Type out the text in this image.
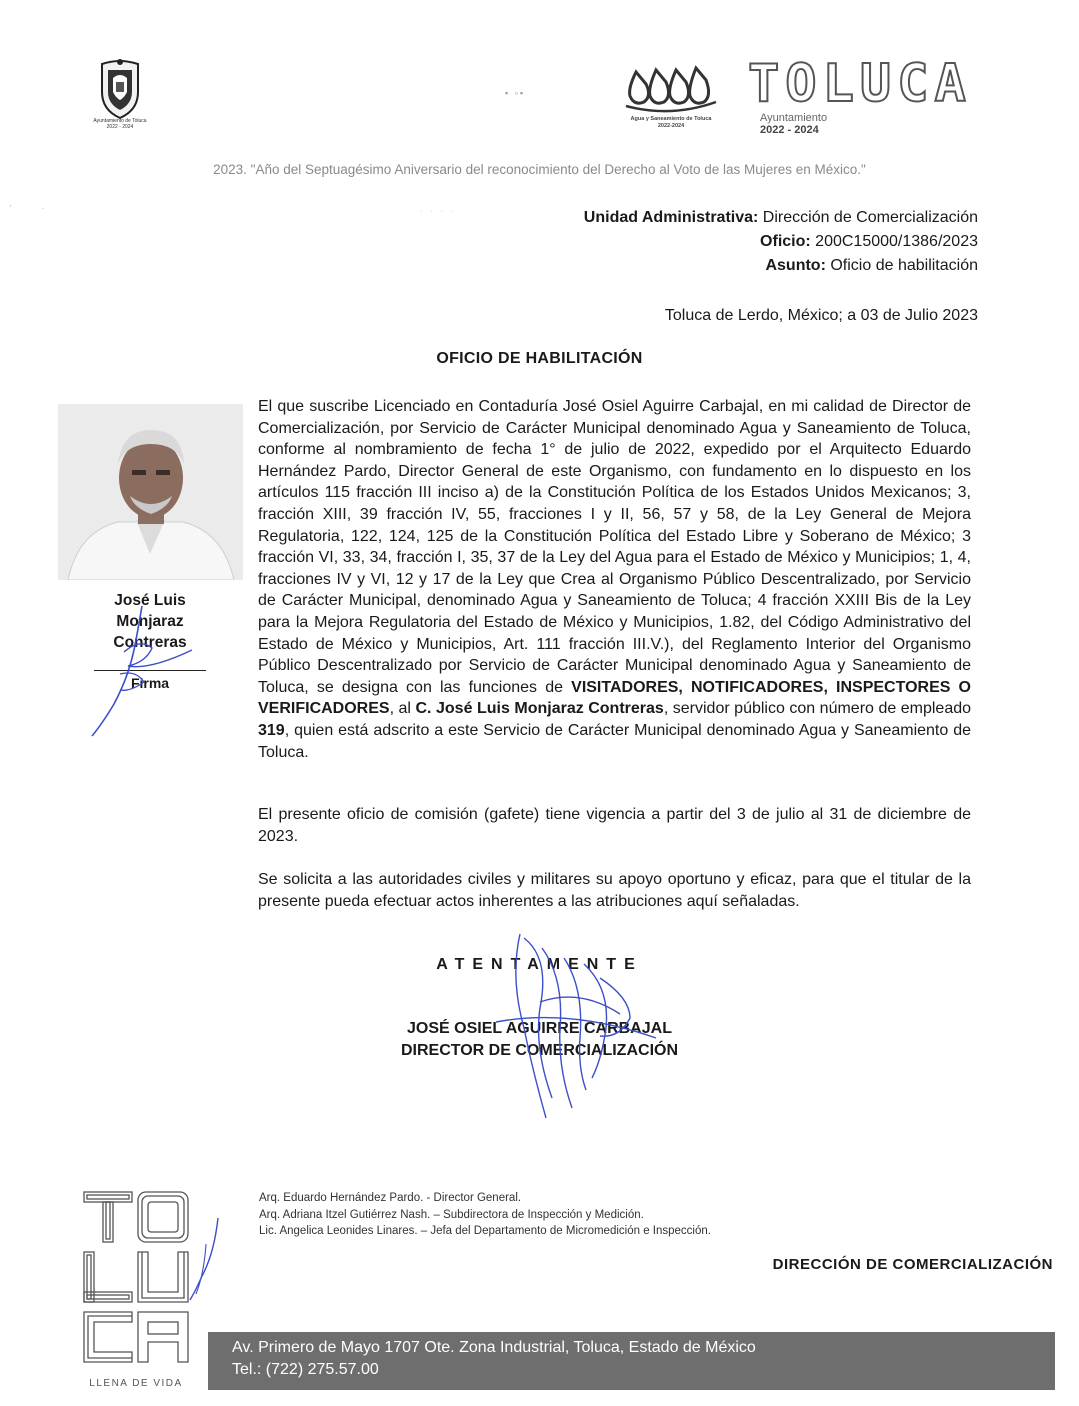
Ayuntamiento de Toluca
2022 - 2024
▪ ▫▪
Agua y Saneamiento de Toluca
2022-2024
TOLUCA
Ayuntamiento
2022 - 2024
2023. "Año del Septuagésimo Aniversario del reconocimiento del Derecho al Voto de las Mujeres en México."
' ·	· · · ·	Unidad Administrativa: Dirección de Comercialización
Oficio: 200C15000/1386/2023
Asunto: Oficio de habilitación
Toluca de Lerdo, México; a 03 de Julio 2023
OFICIO DE HABILITACIÓN
José Luis
Monjaraz
Contreras
Firma
El que suscribe Licenciado en Contaduría José Osiel Aguirre Carbajal, en mi calidad de Director de Comercialización, por Servicio de Carácter Municipal denominado Agua y Saneamiento de Toluca, conforme al nombramiento de fecha 1° de julio de 2022, expedido por el Arquitecto Eduardo Hernández Pardo, Director General de este Organismo, con fundamento en lo dispuesto en los artículos 115 fracción III inciso a) de la Constitución Política de los Estados Unidos Mexicanos; 3, fracción XIII, 39 fracción IV, 55, fracciones I y II, 56, 57 y 58, de la Ley General de Mejora Regulatoria, 122, 124, 125 de la Constitución Política del Estado Libre y Soberano de México; 3 fracción VI, 33, 34, fracción I, 35, 37 de la Ley del Agua para el Estado de México y Municipios; 1, 4, fracciones IV y VI, 12 y 17 de la Ley que Crea al Organismo Público Descentralizado, por Servicio de Carácter Municipal, denominado Agua y Saneamiento de Toluca; 4 fracción XXIII Bis de la Ley para la Mejora Regulatoria del Estado de México y Municipios, 1.82, del Código Administrativo del Estado de México y Municipios, Art. 111 fracción III.V.), del Reglamento Interior del Organismo Público Descentralizado por Servicio de Carácter Municipal denominado Agua y Saneamiento de Toluca, se designa con las funciones de VISITADORES, NOTIFICADORES, INSPECTORES O VERIFICADORES, al C. José Luis Monjaraz Contreras, servidor público con número de empleado 319, quien está adscrito a este Servicio de Carácter Municipal denominado Agua y Saneamiento de Toluca.
El presente oficio de comisión (gafete) tiene vigencia a partir del 3 de julio al 31 de diciembre de 2023.
Se solicita a las autoridades civiles y militares su apoyo oportuno y eficaz, para que el titular de la presente pueda efectuar actos inherentes a las atribuciones aquí señaladas.
ATENTAMENTE
JOSÉ OSIEL AGUIRRE CARBAJAL
DIRECTOR DE COMERCIALIZACIÓN
LLENA DE VIDA
Arq. Eduardo Hernández Pardo. - Director General.
Arq. Adriana Itzel Gutiérrez Nash. – Subdirectora de Inspección y Medición.
Lic. Angelica Leonides Linares. – Jefa del Departamento de Micromedición e Inspección.
DIRECCIÓN DE COMERCIALIZACIÓN
Av. Primero de Mayo 1707 Ote. Zona Industrial, Toluca, Estado de México
Tel.: (722) 275.57.00
